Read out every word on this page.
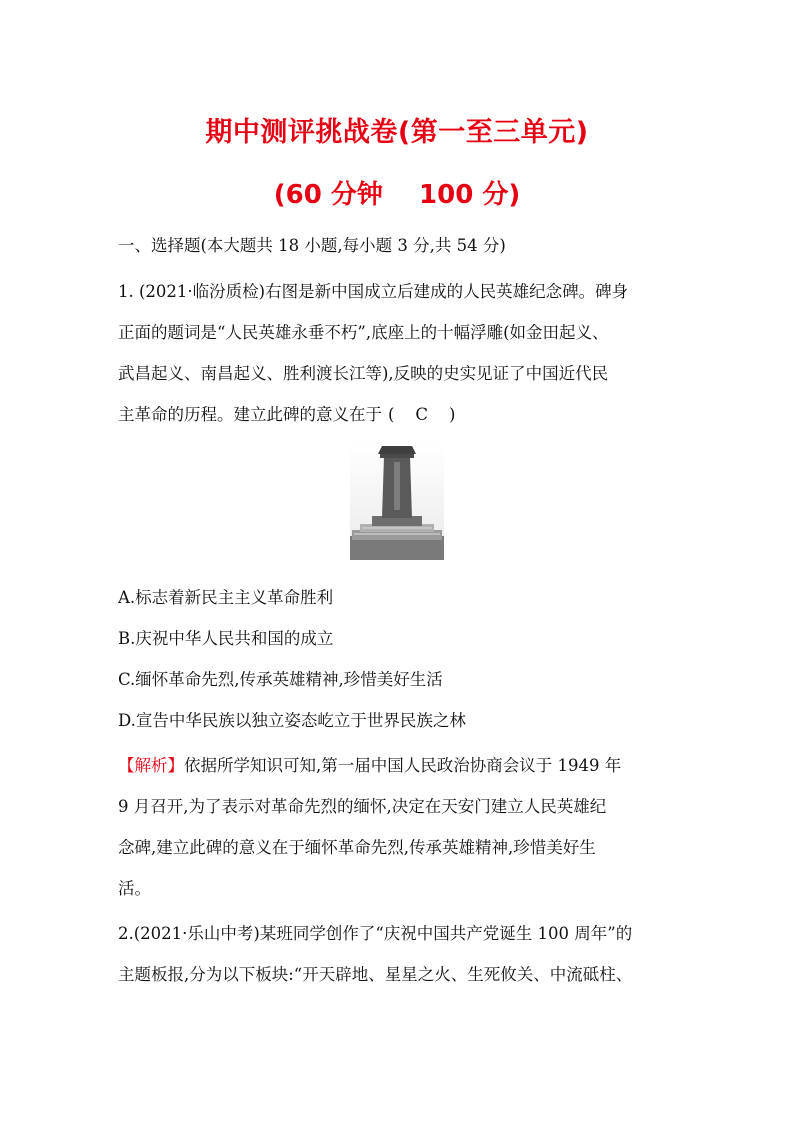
期中测评挑战卷(第一至三单元)
(60 分钟    100 分)
一、选择题(本大题共 18 小题,每小题 3 分,共 54 分)
1. (2021·临汾质检)右图是新中国成立后建成的人民英雄纪念碑。碑身
正面的题词是“人民英雄永垂不朽”,底座上的十幅浮雕(如金田起义、
武昌起义、南昌起义、胜利渡长江等),反映的史实见证了中国近代民
主革命的历程。建立此碑的意义在于 (    C    )
A.标志着新民主主义革命胜利
B.庆祝中华人民共和国的成立
C.缅怀革命先烈,传承英雄精神,珍惜美好生活
D.宣告中华民族以独立姿态屹立于世界民族之林
【解析】依据所学知识可知,第一届中国人民政治协商会议于 1949 年
9 月召开,为了表示对革命先烈的缅怀,决定在天安门建立人民英雄纪
念碑,建立此碑的意义在于缅怀革命先烈,传承英雄精神,珍惜美好生
活。
2.(2021·乐山中考)某班同学创作了“庆祝中国共产党诞生 100 周年”的
主题板报,分为以下板块:“开天辟地、星星之火、生死攸关、中流砥柱、
